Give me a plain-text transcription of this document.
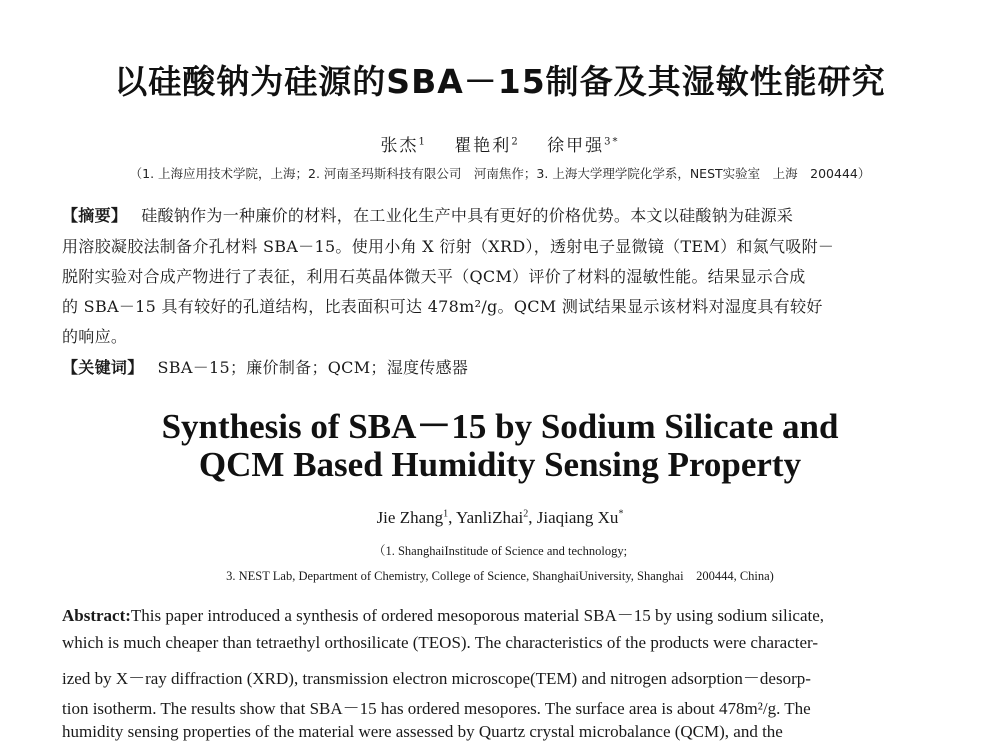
以硅酸钠为硅源的SBA－15制备及其湿敏性能研究
张杰$^1$ 瞿艳利$^2$ 徐甲强$^{3*}$
（1. 上海应用技术学院，上海；2. 河南圣玛斯科技有限公司　河南焦作；3. 上海大学理学院化学系，NEST实验室　上海　200444）
【摘要】 硅酸钠作为一种廉价的材料，在工业化生产中具有更好的价格优势。本文以硅酸钠为硅源采
用溶胶凝胶法制备介孔材料 SBA－15。使用小角 X 衍射（XRD），透射电子显微镜（TEM）和氮气吸附－
脱附实验对合成产物进行了表征，利用石英晶体微天平（QCM）评价了材料的湿敏性能。结果显示合成
的 SBA－15 具有较好的孔道结构，比表面积可达 478m²/g。QCM 测试结果显示该材料对湿度具有较好
的响应。
【关键词】 SBA－15；廉价制备；QCM；湿度传感器
Synthesis of SBA－15 by Sodium Silicate and
QCM Based Humidity Sensing Property
Jie Zhang$^1$, YanliZhai$^2$, Jiaqiang Xu*
（1. ShanghaiInstitude of Science and technology;
3. NEST Lab, Department of Chemistry, College of Science, ShanghaiUniversity, Shanghai　200444, China)
Abstract:This paper introduced a synthesis of ordered mesoporous material SBA－15 by using sodium silicate,
which is much cheaper than tetraethyl orthosilicate (TEOS). The characteristics of the products were character-
ized by X－ray diffraction (XRD), transmission electron microscope(TEM) and nitrogen adsorption－desorp-
tion isotherm. The results show that SBA－15 has ordered mesopores. The surface area is about 478m²/g. The
humidity sensing properties of the material were assessed by Quartz crystal microbalance (QCM), and the
